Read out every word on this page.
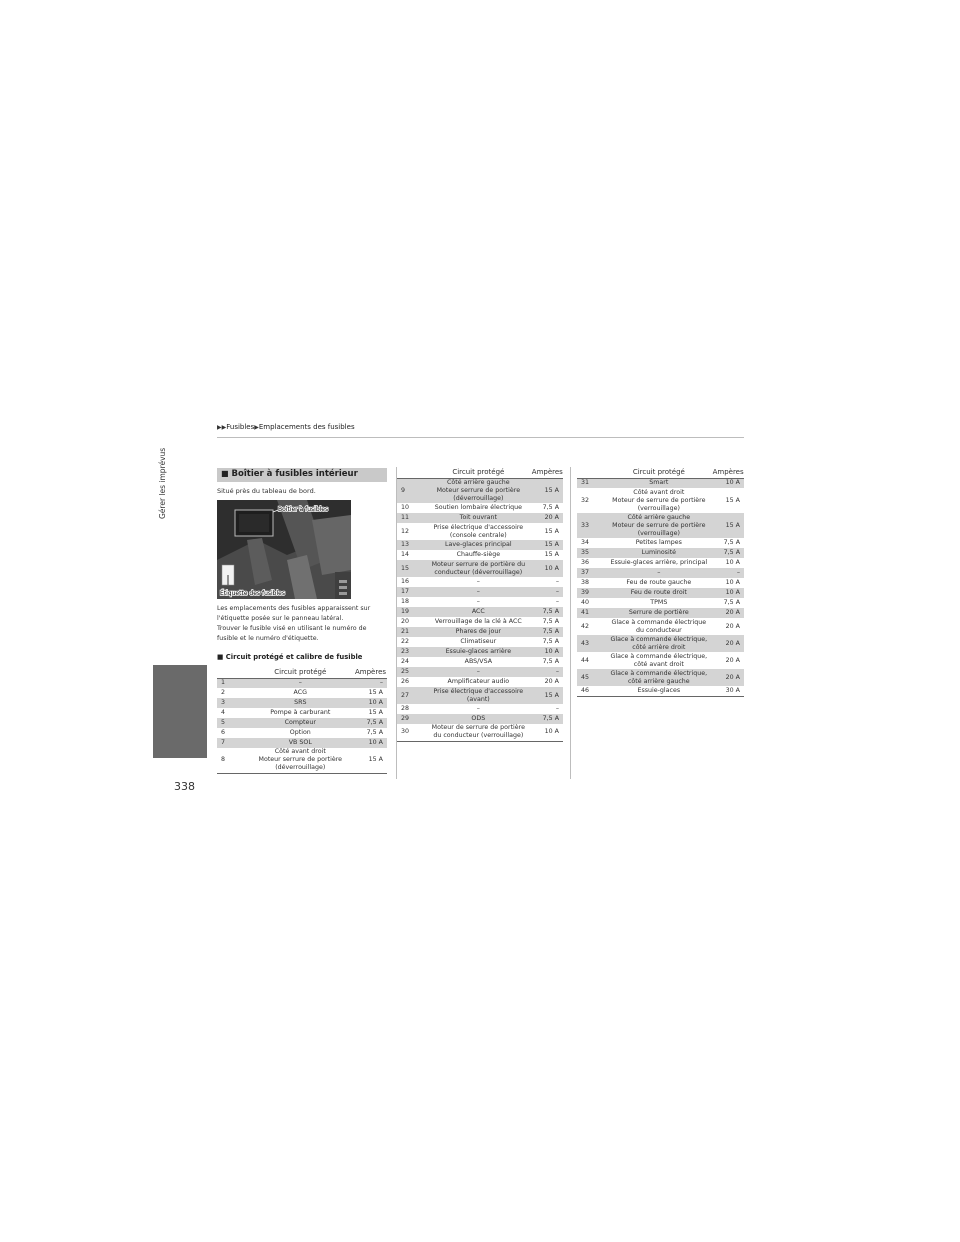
▶▶Fusibles▶Emplacements des fusibles
Gérer les imprévus
338
■ Boîtier à fusibles intérieur
Situé près du tableau de bord.
Boîtier à fusibles
Étiquette des fusibles
Les emplacements des fusibles apparaissent sur
l'étiquette posée sur le panneau latéral.
Trouver le fusible visé en utilisant le numéro de
fusible et le numéro d'étiquette.
■ Circuit protégé et calibre de fusible
	Circuit protégé	Ampères
1	–	–
2	ACG	15 A
3	SRS	10 A
4	Pompe à carburant	15 A
5	Compteur	7,5 A
6	Option	7,5 A
7	VB SOL	10 A
8	Côté avant droit
Moteur serrure de portière
(déverrouillage)	15 A
	Circuit protégé	Ampères
9	Côté arrière gauche
Moteur serrure de portière
(déverrouillage)	15 A
10	Soutien lombaire électrique	7,5 A
11	Toit ouvrant	20 A
12	Prise électrique d'accessoire
(console centrale)	15 A
13	Lave-glaces principal	15 A
14	Chauffe-siège	15 A
15	Moteur serrure de portière du
conducteur (déverrouillage)	10 A
16	–	–
17	–	–
18	–	–
19	ACC	7,5 A
20	Verrouillage de la clé à ACC	7,5 A
21	Phares de jour	7,5 A
22	Climatiseur	7,5 A
23	Essuie-glaces arrière	10 A
24	ABS/VSA	7,5 A
25	–	–
26	Amplificateur audio	20 A
27	Prise électrique d'accessoire
(avant)	15 A
28	–	–
29	ODS	7,5 A
30	Moteur de serrure de portière
du conducteur (verrouillage)	10 A
	Circuit protégé	Ampères
31	Smart	10 A
32	Côté avant droit
Moteur de serrure de portière
(verrouillage)	15 A
33	Côté arrière gauche
Moteur de serrure de portière
(verrouillage)	15 A
34	Petites lampes	7,5 A
35	Luminosité	7,5 A
36	Essuie-glaces arrière, principal	10 A
37	–	–
38	Feu de route gauche	10 A
39	Feu de route droit	10 A
40	TPMS	7,5 A
41	Serrure de portière	20 A
42	Glace à commande électrique
du conducteur	20 A
43	Glace à commande électrique,
côté arrière droit	20 A
44	Glace à commande électrique,
côté avant droit	20 A
45	Glace à commande électrique,
côté arrière gauche	20 A
46	Essuie-glaces	30 A
